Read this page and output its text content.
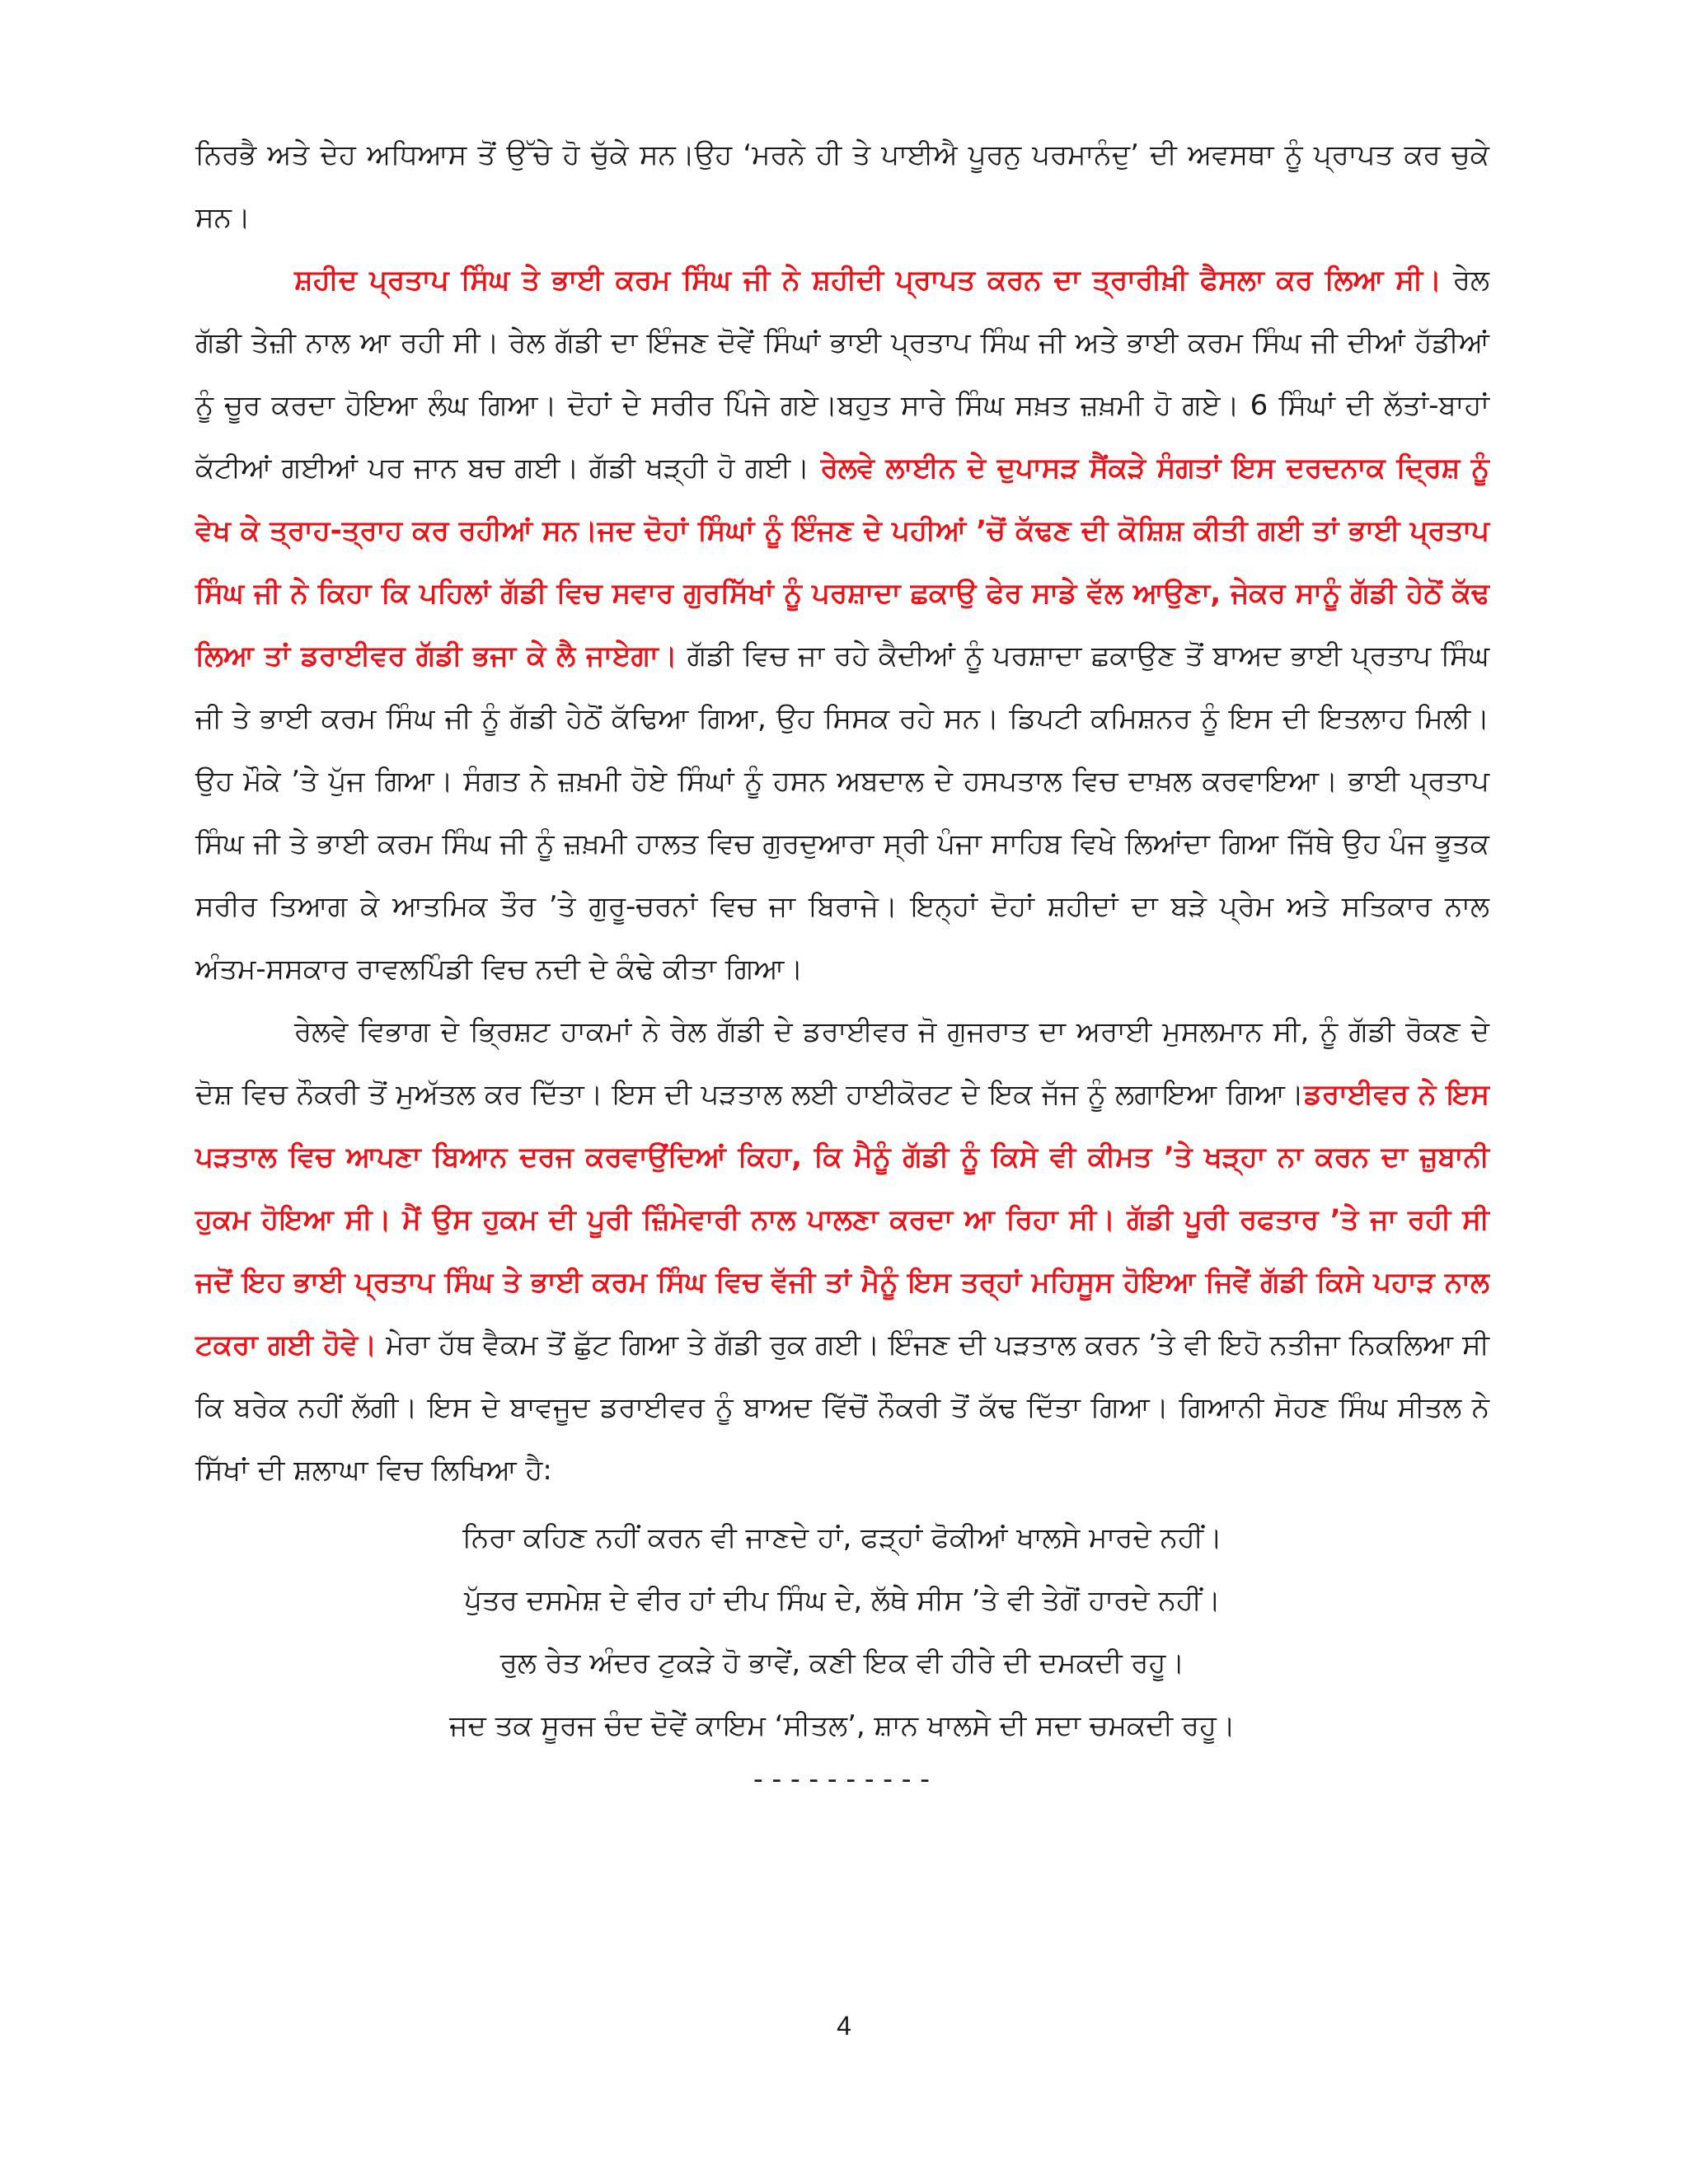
ਨਿਰਭੈ ਅਤੇ ਦੇਹ ਅਧਿਆਸ ਤੋਂ ਉੱਚੇ ਹੋ ਚੁੱਕੇ ਸਨ।ਉਹ ‘ਮਰਨੇ ਹੀ ਤੇ ਪਾਈਐ ਪੂਰਨੁ ਪਰਮਾਨੰਦੁ’ ਦੀ ਅਵਸਥਾ ਨੂੰ ਪ੍ਰਾਪਤ ਕਰ ਚੁਕੇ ਸਨ।

ਸ਼ਹੀਦ ਪ੍ਰਤਾਪ ਸਿੰਘ ਤੇ ਭਾਈ ਕਰਮ ਸਿੰਘ ਜੀ ਨੇ ਸ਼ਹੀਦੀ ਪ੍ਰਾਪਤ ਕਰਨ ਦਾ ਤ੍ਰਾਰੀਖ਼ੀ ਫੈਸਲਾ ਕਰ ਲਿਆ ਸੀ। ਰੇਲ ਗੱਡੀ ਤੇਜ਼ੀ ਨਾਲ ਆ ਰਹੀ ਸੀ। ਰੇਲ ਗੱਡੀ ਦਾ ਇੰਜਣ ਦੋਵੇਂ ਸਿੰਘਾਂ ਭਾਈ ਪ੍ਰਤਾਪ ਸਿੰਘ ਜੀ ਅਤੇ ਭਾਈ ਕਰਮ ਸਿੰਘ ਜੀ ਦੀਆਂ ਹੱਡੀਆਂ ਨੂੰ ਚੂਰ ਕਰਦਾ ਹੋਇਆ ਲੰਘ ਗਿਆ। ਦੋਹਾਂ ਦੇ ਸਰੀਰ ਪਿੰਜੇ ਗਏ।ਬਹੁਤ ਸਾਰੇ ਸਿੰਘ ਸਖ਼ਤ ਜ਼ਖ਼ਮੀ ਹੋ ਗਏ। 6 ਸਿੰਘਾਂ ਦੀ ਲੱਤਾਂ-ਬਾਹਾਂ ਕੱਟੀਆਂ ਗਈਆਂ ਪਰ ਜਾਨ ਬਚ ਗਈ। ਗੱਡੀ ਖੜ੍ਹੀ ਹੋ ਗਈ। ਰੇਲਵੇ ਲਾਈਨ ਦੇ ਦੁਪਾਸੜ ਸੈਂਕੜੇ ਸੰਗਤਾਂ ਇਸ ਦਰਦਨਾਕ ਦ੍ਰਿਸ਼ ਨੂੰ ਵੇਖ ਕੇ ਤ੍ਰਾਹ-ਤ੍ਰਾਹ ਕਰ ਰਹੀਆਂ ਸਨ।ਜਦ ਦੋਹਾਂ ਸਿੰਘਾਂ ਨੂੰ ਇੰਜਣ ਦੇ ਪਹੀਆਂ ’ਚੋਂ ਕੱਢਣ ਦੀ ਕੋਸ਼ਿਸ਼ ਕੀਤੀ ਗਈ ਤਾਂ ਭਾਈ ਪ੍ਰਤਾਪ ਸਿੰਘ ਜੀ ਨੇ ਕਿਹਾ ਕਿ ਪਹਿਲਾਂ ਗੱਡੀ ਵਿਚ ਸਵਾਰ ਗੁਰਸਿੱਖਾਂ ਨੂੰ ਪਰਸ਼ਾਦਾ ਛਕਾਉ ਫੇਰ ਸਾਡੇ ਵੱਲ ਆਉਣਾ, ਜੇਕਰ ਸਾਨੂੰ ਗੱਡੀ ਹੇਠੋਂ ਕੱਢ ਲਿਆ ਤਾਂ ਡਰਾਈਵਰ ਗੱਡੀ ਭਜਾ ਕੇ ਲੈ ਜਾਏਗਾ। ਗੱਡੀ ਵਿਚ ਜਾ ਰਹੇ ਕੈਦੀਆਂ ਨੂੰ ਪਰਸ਼ਾਦਾ ਛਕਾਉਣ ਤੋਂ ਬਾਅਦ ਭਾਈ ਪ੍ਰਤਾਪ ਸਿੰਘ ਜੀ ਤੇ ਭਾਈ ਕਰਮ ਸਿੰਘ ਜੀ ਨੂੰ ਗੱਡੀ ਹੇਠੋਂ ਕੱਢਿਆ ਗਿਆ, ਉਹ ਸਿਸਕ ਰਹੇ ਸਨ। ਡਿਪਟੀ ਕਮਿਸ਼ਨਰ ਨੂੰ ਇਸ ਦੀ ਇਤਲਾਹ ਮਿਲੀ। ਉਹ ਮੌਕੇ ’ਤੇ ਪੁੱਜ ਗਿਆ। ਸੰਗਤ ਨੇ ਜ਼ਖ਼ਮੀ ਹੋਏ ਸਿੰਘਾਂ ਨੂੰ ਹਸਨ ਅਬਦਾਲ ਦੇ ਹਸਪਤਾਲ ਵਿਚ ਦਾਖ਼ਲ ਕਰਵਾਇਆ। ਭਾਈ ਪ੍ਰਤਾਪ ਸਿੰਘ ਜੀ ਤੇ ਭਾਈ ਕਰਮ ਸਿੰਘ ਜੀ ਨੂੰ ਜ਼ਖ਼ਮੀ ਹਾਲਤ ਵਿਚ ਗੁਰਦੁਆਰਾ ਸ੍ਰੀ ਪੰਜਾ ਸਾਹਿਬ ਵਿਖੇ ਲਿਆਂਦਾ ਗਿਆ ਜਿੱਥੇ ਉਹ ਪੰਜ ਭੂਤਕ ਸਰੀਰ ਤਿਆਗ ਕੇ ਆਤਮਿਕ ਤੌਰ ’ਤੇ ਗੁਰੂ-ਚਰਨਾਂ ਵਿਚ ਜਾ ਬਿਰਾਜੇ। ਇਨ੍ਹਾਂ ਦੋਹਾਂ ਸ਼ਹੀਦਾਂ ਦਾ ਬੜੇ ਪ੍ਰੇਮ ਅਤੇ ਸਤਿਕਾਰ ਨਾਲ ਅੰਤਮ-ਸਸਕਾਰ ਰਾਵਲਪਿੰਡੀ ਵਿਚ ਨਦੀ ਦੇ ਕੰਢੇ ਕੀਤਾ ਗਿਆ।

ਰੇਲਵੇ ਵਿਭਾਗ ਦੇ ਭ੍ਰਿਸ਼ਟ ਹਾਕਮਾਂ ਨੇ ਰੇਲ ਗੱਡੀ ਦੇ ਡਰਾਈਵਰ ਜੋ ਗੁਜਰਾਤ ਦਾ ਅਰਾਈ ਮੁਸਲਮਾਨ ਸੀ, ਨੂੰ ਗੱਡੀ ਰੋਕਣ ਦੇ ਦੋਸ਼ ਵਿਚ ਨੌਕਰੀ ਤੋਂ ਮੁਅੱਤਲ ਕਰ ਦਿੱਤਾ। ਇਸ ਦੀ ਪੜਤਾਲ ਲਈ ਹਾਈਕੋਰਟ ਦੇ ਇਕ ਜੱਜ ਨੂੰ ਲਗਾਇਆ ਗਿਆ।ਡਰਾਈਵਰ ਨੇ ਇਸ ਪੜਤਾਲ ਵਿਚ ਆਪਣਾ ਬਿਆਨ ਦਰਜ ਕਰਵਾਉਂਦਿਆਂ ਕਿਹਾ, ਕਿ ਮੈਨੂੰ ਗੱਡੀ ਨੂੰ ਕਿਸੇ ਵੀ ਕੀਮਤ ’ਤੇ ਖੜ੍ਹਾ ਨਾ ਕਰਨ ਦਾ ਜ਼ੁਬਾਨੀ ਹੁਕਮ ਹੋਇਆ ਸੀ। ਮੈਂ ਉਸ ਹੁਕਮ ਦੀ ਪੂਰੀ ਜ਼ਿੰਮੇਵਾਰੀ ਨਾਲ ਪਾਲਣਾ ਕਰਦਾ ਆ ਰਿਹਾ ਸੀ। ਗੱਡੀ ਪੂਰੀ ਰਫਤਾਰ ’ਤੇ ਜਾ ਰਹੀ ਸੀ ਜਦੋਂ ਇਹ ਭਾਈ ਪ੍ਰਤਾਪ ਸਿੰਘ ਤੇ ਭਾਈ ਕਰਮ ਸਿੰਘ ਵਿਚ ਵੱਜੀ ਤਾਂ ਮੈਨੂੰ ਇਸ ਤਰ੍ਹਾਂ ਮਹਿਸੂਸ ਹੋਇਆ ਜਿਵੇਂ ਗੱਡੀ ਕਿਸੇ ਪਹਾੜ ਨਾਲ ਟਕਰਾ ਗਈ ਹੋਵੇ। ਮੇਰਾ ਹੱਥ ਵੈਕਮ ਤੋਂ ਛੁੱਟ ਗਿਆ ਤੇ ਗੱਡੀ ਰੁਕ ਗਈ। ਇੰਜਣ ਦੀ ਪੜਤਾਲ ਕਰਨ ’ਤੇ ਵੀ ਇਹੋ ਨਤੀਜਾ ਨਿਕਲਿਆ ਸੀ ਕਿ ਬਰੇਕ ਨਹੀਂ ਲੱਗੀ। ਇਸ ਦੇ ਬਾਵਜੂਦ ਡਰਾਈਵਰ ਨੂੰ ਬਾਅਦ ਵਿੱਚੋਂ ਨੌਕਰੀ ਤੋਂ ਕੱਢ ਦਿੱਤਾ ਗਿਆ। ਗਿਆਨੀ ਸੋਹਣ ਸਿੰਘ ਸੀਤਲ ਨੇ ਸਿੱਖਾਂ ਦੀ ਸ਼ਲਾਘਾ ਵਿਚ ਲਿਖਿਆ ਹੈ:

ਨਿਰਾ ਕਹਿਣ ਨਹੀਂ ਕਰਨ ਵੀ ਜਾਣਦੇ ਹਾਂ, ਫੜ੍ਹਾਂ ਫੋਕੀਆਂ ਖਾਲਸੇ ਮਾਰਦੇ ਨਹੀਂ।
ਪੁੱਤਰ ਦਸਮੇਸ਼ ਦੇ ਵੀਰ ਹਾਂ ਦੀਪ ਸਿੰਘ ਦੇ, ਲੱਥੇ ਸੀਸ ’ਤੇ ਵੀ ਤੇਗੋਂ ਹਾਰਦੇ ਨਹੀਂ।
ਰੁਲ ਰੇਤ ਅੰਦਰ ਟੁਕੜੇ ਹੋ ਭਾਵੇਂ, ਕਣੀ ਇਕ ਵੀ ਹੀਰੇ ਦੀ ਦਮਕਦੀ ਰਹੂ।
ਜਦ ਤਕ ਸੂਰਜ ਚੰਦ ਦੋਵੇਂ ਕਾਇਮ ‘ਸੀਤਲ’, ਸ਼ਾਨ ਖਾਲਸੇ ਦੀ ਸਦਾ ਚਮਕਦੀ ਰਹੂ।
----------
4
